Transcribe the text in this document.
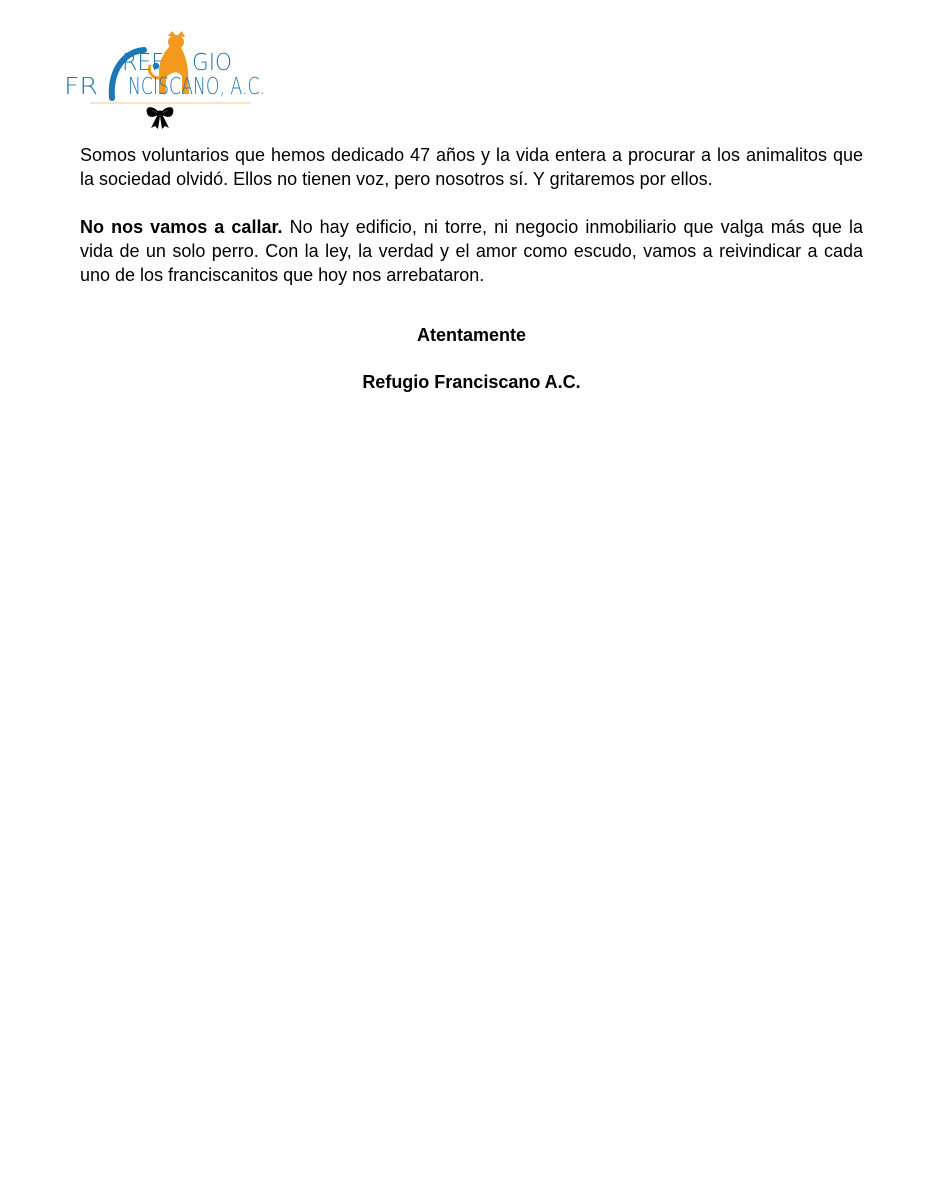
REF GIO
FR NCISCANO, A.C.

Somos voluntarios que hemos dedicado 47 años y la vida entera a procurar a los animalitos que la sociedad olvidó. Ellos no tienen voz, pero nosotros sí. Y gritaremos por ellos.

No nos vamos a callar. No hay edificio, ni torre, ni negocio inmobiliario que valga más que la vida de un solo perro. Con la ley, la verdad y el amor como escudo, vamos a reivindicar a cada uno de los franciscanitos que hoy nos arrebataron.

Atentamente
Refugio Franciscano A.C.
